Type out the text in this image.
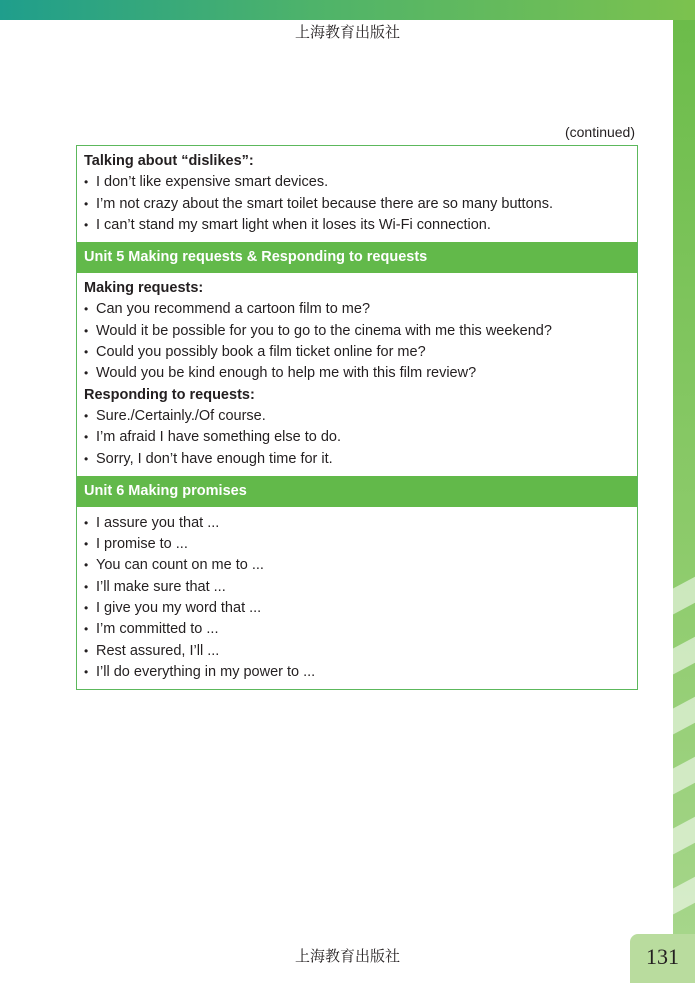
上海教育出版社
(continued)
Talking about “dislikes”:
• I don’t like expensive smart devices.
• I’m not crazy about the smart toilet because there are so many buttons.
• I can’t stand my smart light when it loses its Wi-Fi connection.
Unit 5 Making requests & Responding to requests
Making requests:
• Can you recommend a cartoon film to me?
• Would it be possible for you to go to the cinema with me this weekend?
• Could you possibly book a film ticket online for me?
• Would you be kind enough to help me with this film review?
Responding to requests:
• Sure./Certainly./Of course.
• I’m afraid I have something else to do.
• Sorry, I don’t have enough time for it.
Unit 6 Making promises
• I assure you that ...
• I promise to ...
• You can count on me to ...
• I’ll make sure that ...
• I give you my word that ...
• I’m committed to ...
• Rest assured, I’ll ...
• I’ll do everything in my power to ...
上海教育出版社	131
